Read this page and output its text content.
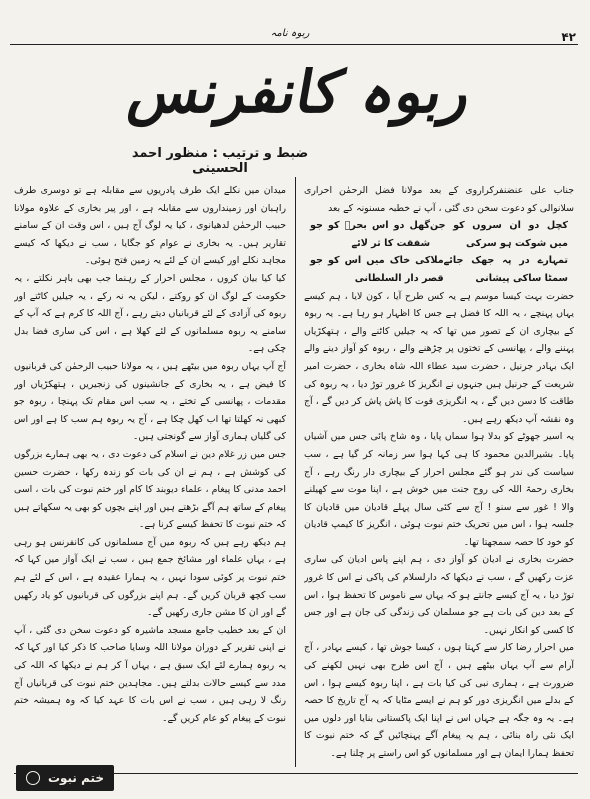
ربوہ نامہ	۴۲
ربوہ کانفرنس
ضبط و ترتیب : منظور احمد الحسینی

جناب علی عنضنفرکراروی کے بعد مولانا فضل الرحمٰن احراری سلانوالی کو دعوت سخن دی گئی ، آپ نے خطبہ مسنونہ کے بعد

کچل دو ان سروں کو جن میں شوکت ہو سرکی
گھل دو اس بحرؔ کو جو شفقت کا ثر لائے
تمہارے در پہ جھک جائے سمٹا ساکی پیشانی
ملاکی خاک میں اس کو جو قصر دار السلطانی

حضرت بہت کیسا موسم ہے یہ کس طرح آیا ، کون لایا ، ہم کیسے یہاں پہنچے ، یہ اللہ کا فضل ہے جس کا اظہار ہو رہا ہے۔ یہ ربوہ کے بیچاری ان کے تصور میں تھا کہ یہ جیلیں کاٹنے والے ، ہتھکڑیاں پہننے والے ، پھانسی کے تختوں پر چڑھنے والے ، ربوہ کو آواز دینے والے ایک بہادر جرنیل ، حضرت سید عطاء اللہ شاہ بخاری ، حضرت امیر شریعت کے جرنیل ہیں جنہوں نے انگریز کا غرور توڑ دیا ، یہ ربوہ کی طاقت کا دسن دیں گے ، یہ انگریزی قوت کا پاش پاش کر دیں گے ، آج وہ نقشہ آپ دیکھ رہے ہیں۔

یہ اسیر جھوٹے کو بدلا ہوا سماں پایا ، وہ شاخ پائی جس میں آشیاں پایا۔ بشیرالدین محمود کا ہی کہا ہوا سر زمانہ کر گیا ہے ، سب سیاست کی ندر ہو گئے مجلس احرار کے بیچاری دار رنگ رہے ، آج بخاری رحمۃ اللہ کی روح جنت میں خوش ہے ، اپنا موت سے کھیلنے والا ! غور سے سنو ! آج سے کئی سال پہلے قادیان میں قادیان کا جلسہ ہوا ، اس میں تحریک ختم نبوت ہوئی ، انگریز کا کیمپ قادیان کو خود کا حصہ سمجھتا تھا۔

حضرت بخاری نے ادیان کو آواز دی ، ہم اپنے پاس ادیان کی ساری عزت رکھیں گے ، سب نے دیکھا کہ دارلسلام کی پاکی نے اس کا غرور توڑ دیا ، یہ آج کیسے جانتے ہو کہ یہاں سے ناموس کا تحفظ ہوا ، اس کے بعد دین کی بات ہے جو مسلمان کی زندگی کی جان ہے اور جس کا کسی کو انکار نہیں۔

میں احرار رضا کار سے کہتا ہوں ، کیسا جوش تھا ، کیسے بہادر ، آج آرام سے آپ یہاں بیٹھے ہیں ، آج اس طرح بھی نہیں لکھنے کی ضرورت ہے ، ہماری نبی کی کیا بات ہے ، اپنا ربوہ کیسے ہوا ، اس کے بدلے میں انگریزی دور کو ہم نے ایسے مٹایا کہ یہ آج تاریخ کا حصہ ہے۔ یہ وہ جگہ ہے جہاں اس نے اپنا ایک پاکستانی بنایا اور دلوں میں ایک نئی راہ بنائی ، ہم یہ پیغام آگے پہنچائیں گے کہ ختم نبوت کا تحفظ ہمارا ایمان ہے اور مسلمانوں کو اس راستے پر چلنا ہے۔

میدان میں نکلے ایک طرف پادریوں سے مقابلہ ہے تو دوسری طرف راہبان اور زمینداروں سے مقابلہ ہے ، اور پیر بخاری کے علاوہ مولانا حبیب الرحمٰن لدھیانوی ، کیا یہ لوگ آج ہیں ، اس وقت ان کے سامنے تقاریر ہیں۔ یہ بخاری نے عوام کو جگایا ، سب نے دیکھا کہ کیسے مجاہد نکلے اور کیسے ان کے لئے یہ زمین فتح ہوئی۔

کیا کیا بیان کروں ، مجلس احرار کے رہنما جب بھی باہر نکلتے ، یہ حکومت کے لوگ ان کو روکتے ، لیکن یہ نہ رکے ، یہ جیلیں کاٹتے اور ربوہ کی آزادی کے لئے قربانیاں دیتے رہے ، آج اللہ کا کرم ہے کہ آپ کے سامنے یہ ربوہ مسلمانوں کے لئے کھلا ہے ، اس کی ساری فضا بدل چکی ہے۔

آج آپ یہاں ربوہ میں بیٹھے ہیں ، یہ مولانا حبیب الرحمٰن کی قربانیوں کا فیض ہے ، یہ بخاری کے جانشینوں کی زنجیریں ، ہتھکڑیاں اور مقدمات ، پھانسی کے تختے ، یہ سب اس مقام تک پہنچا ، ربوہ جو کبھی نہ کھلتا تھا اب کھل چکا ہے ، آج یہ ربوہ ہم سب کا ہے اور اس کی گلیاں ہماری آواز سے گونجتی ہیں۔

جس میں زر غلام دین نے اسلام کی دعوت دی ، یہ بھی ہمارے بزرگوں کی کوشش ہے ، ہم نے ان کی بات کو زندہ رکھا ، حضرت حسین احمد مدنی کا پیغام ، علماء دیوبند کا کام اور ختم نبوت کی بات ، اسی پیغام کے ساتھ ہم آگے بڑھتے ہیں اور اپنے بچوں کو بھی یہ سکھاتے ہیں کہ ختم نبوت کا تحفظ کیسے کرنا ہے۔

ہم دیکھ رہے ہیں کہ ربوہ میں آج مسلمانوں کی کانفرنس ہو رہی ہے ، یہاں علماء اور مشائخ جمع ہیں ، سب نے ایک آواز میں کہا کہ ختم نبوت پر کوئی سودا نہیں ، یہ ہمارا عقیدہ ہے ، اس کے لئے ہم سب کچھ قربان کریں گے۔ ہم اپنے بزرگوں کی قربانیوں کو یاد رکھیں گے اور ان کا مشن جاری رکھیں گے۔

ان کے بعد خطیب جامع مسجد ماشیرہ کو دعوت سخن دی گئی ، آپ نے اپنی تقریر کے دوران مولانا اللہ وسایا صاحب کا ذکر کیا اور کہا کہ یہ ربوہ ہمارے لئے ایک سبق ہے ، یہاں آ کر ہم نے دیکھا کہ اللہ کی مدد سے کیسے حالات بدلتے ہیں۔ مجاہدین ختم نبوت کی قربانیاں آج رنگ لا رہی ہیں ، سب نے اس بات کا عہد کیا کہ وہ ہمیشہ ختم نبوت کے پیغام کو عام کریں گے۔

ختم نبوت
